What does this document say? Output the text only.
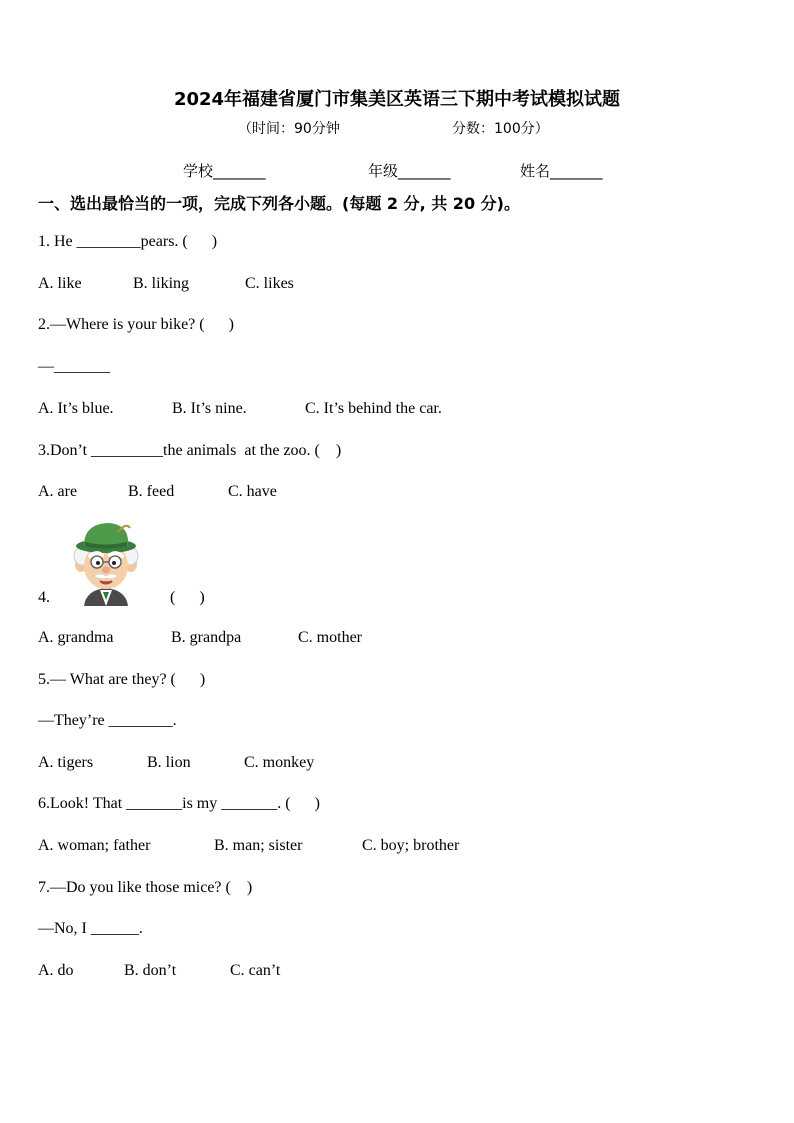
2024年福建省厦门市集美区英语三下期中考试模拟试题
（时间：90分钟	分数：100分）
学校_______	年级_______	姓名_______
一、选出最恰当的一项，完成下列各小题。(每题 2 分, 共 20 分)。
1. He ________pears. (      )
A. like	B. liking	C. likes
2.—Where is your bike? (      )
—_______
A. It’s blue.	B. It’s nine.	C. It’s behind the car.
3.Don’t _________the animals  at the zoo. (    )
A. are	B. feed	C. have
4.	(      )
A. grandma	B. grandpa	C. mother
5.— What are they? (      )
—They’re ________.
A. tigers	B. lion	C. monkey
6.Look! That _______is my _______. (      )
A. woman; father	B. man; sister	C. boy; brother
7.—Do you like those mice? (    )
—No, I ______.
A. do	B. don’t	C. can’t
